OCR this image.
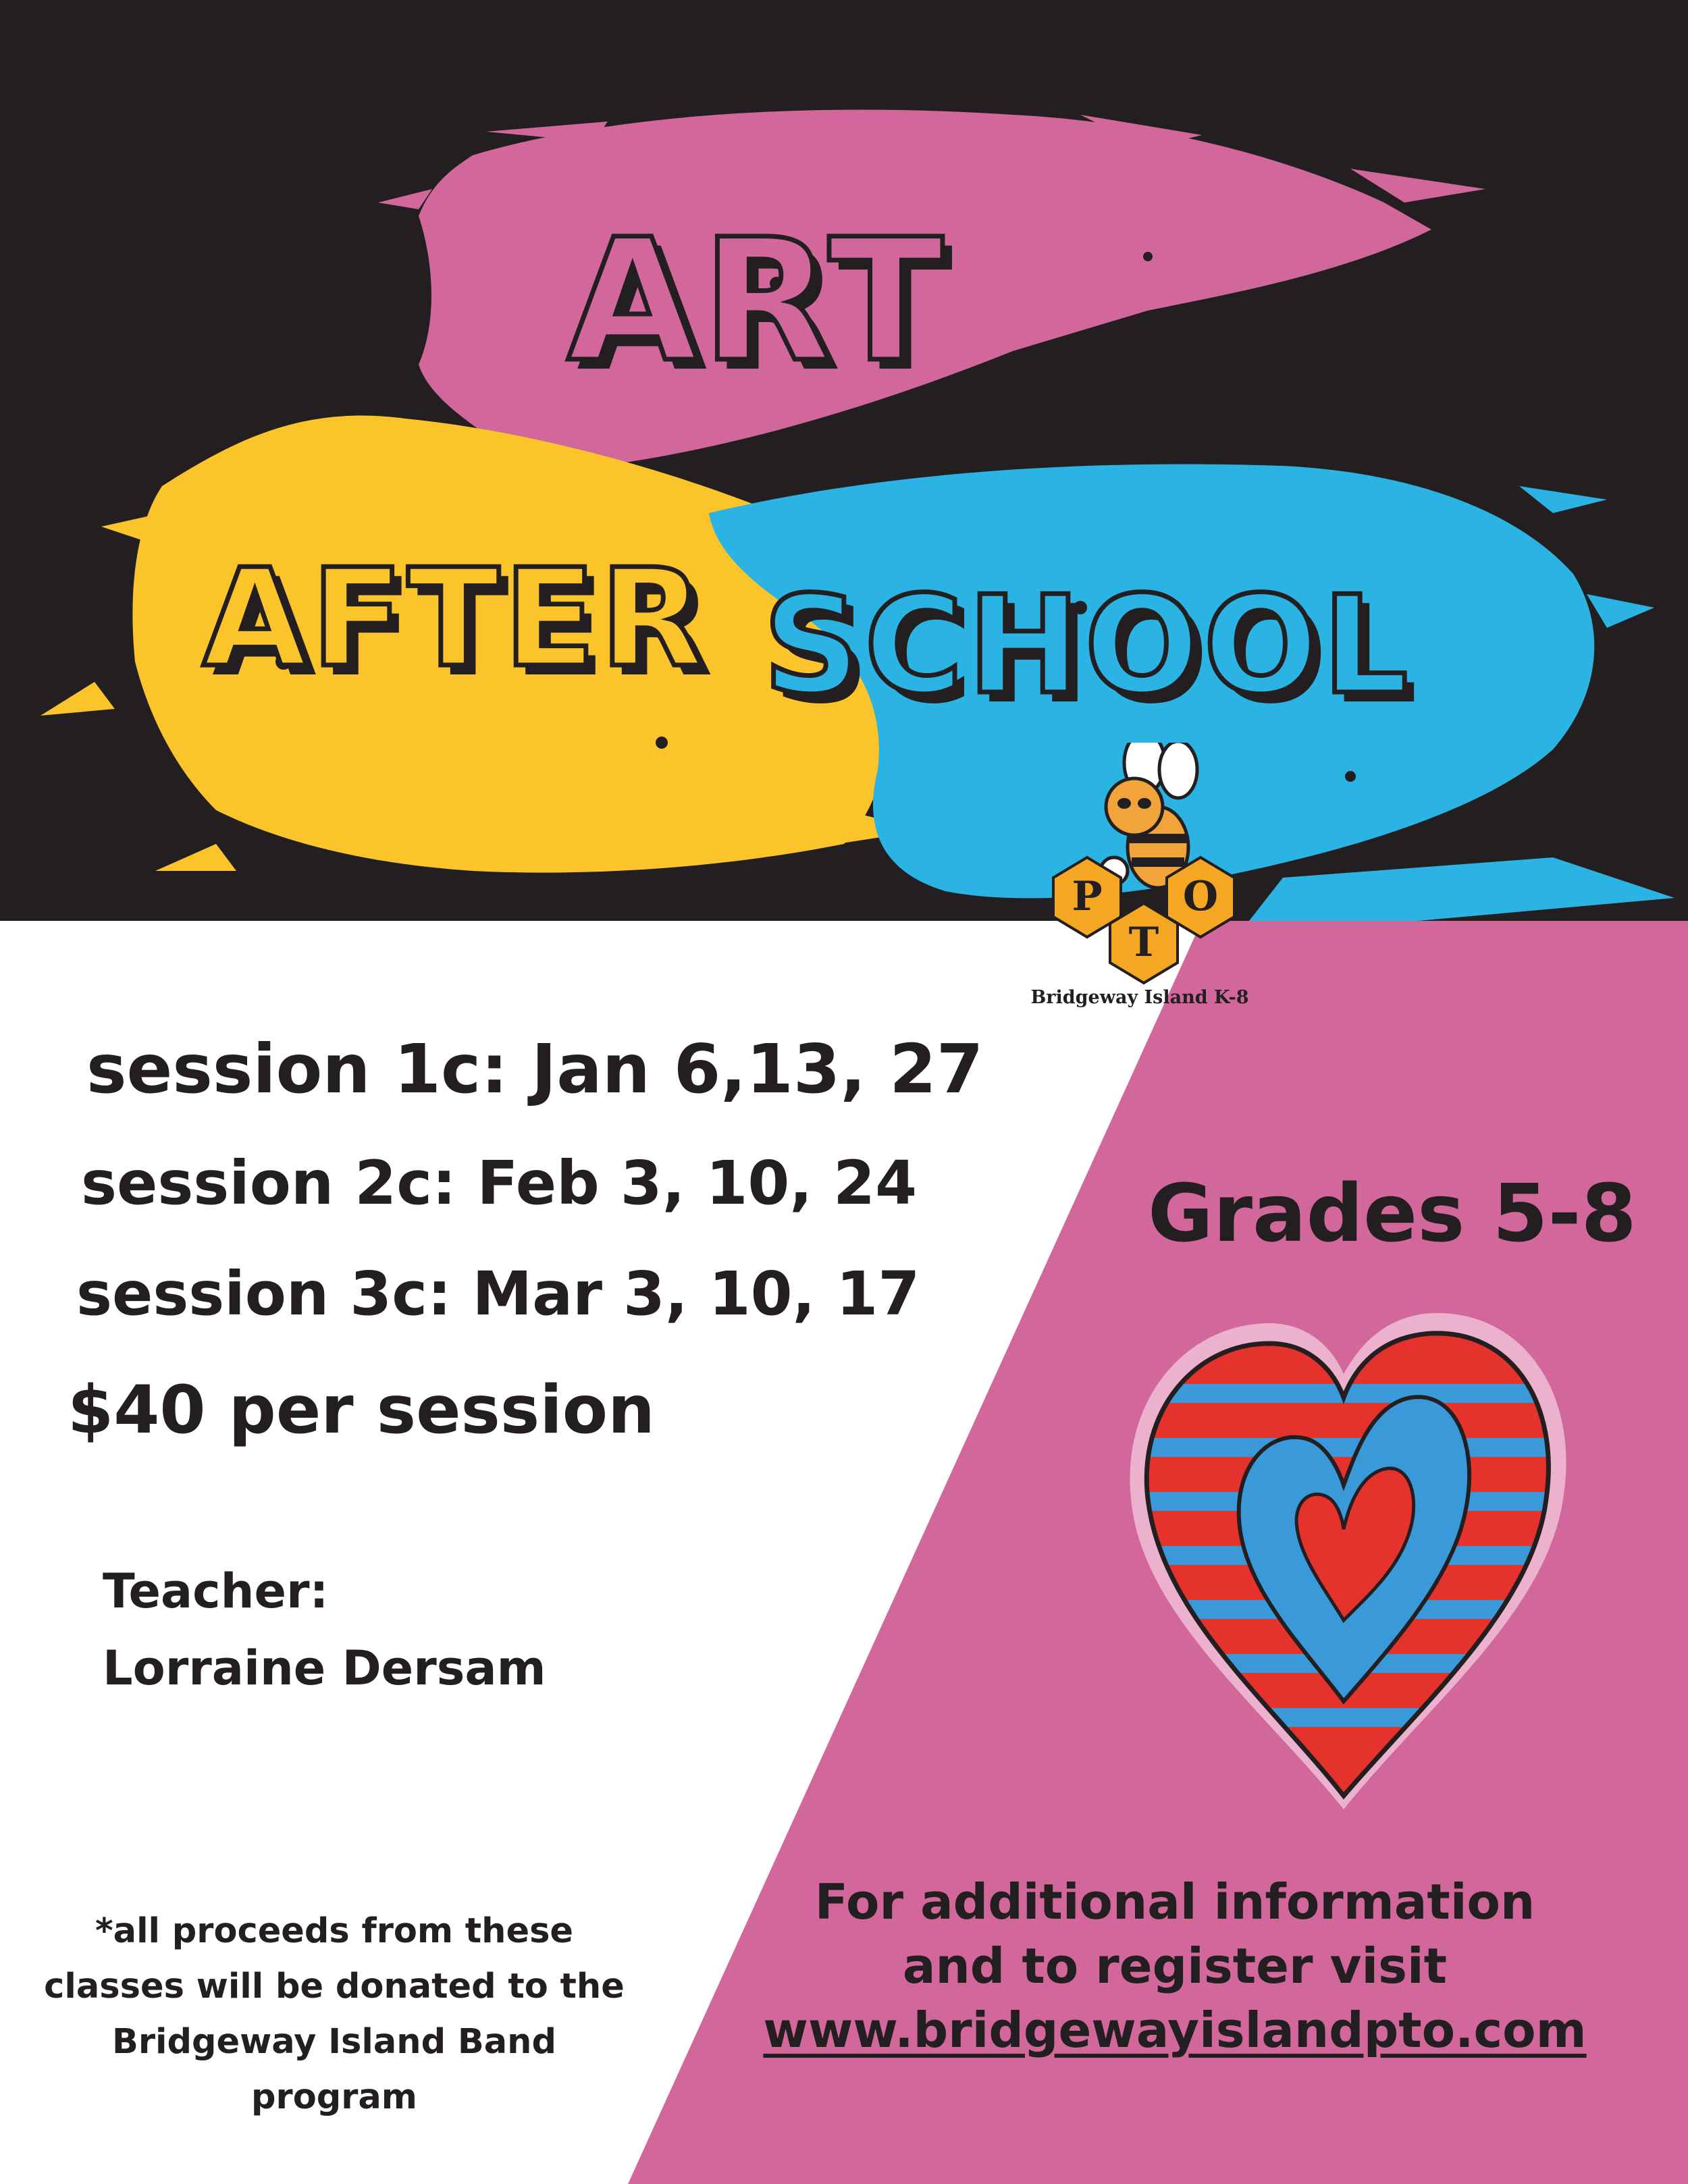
ART
AFTER SCHOOL
P O
T
Bridgeway Island K-8
session 1c: Jan 6,13, 27
session 2c: Feb 3, 10, 24
session 3c: Mar 3, 10, 17
$40 per session
Teacher:
Lorraine Dersam
*all proceeds from these
classes will be donated to the
Bridgeway Island Band program
Grades 5-8
For additional information
and to register visit
www.bridgewayislandpto.com
